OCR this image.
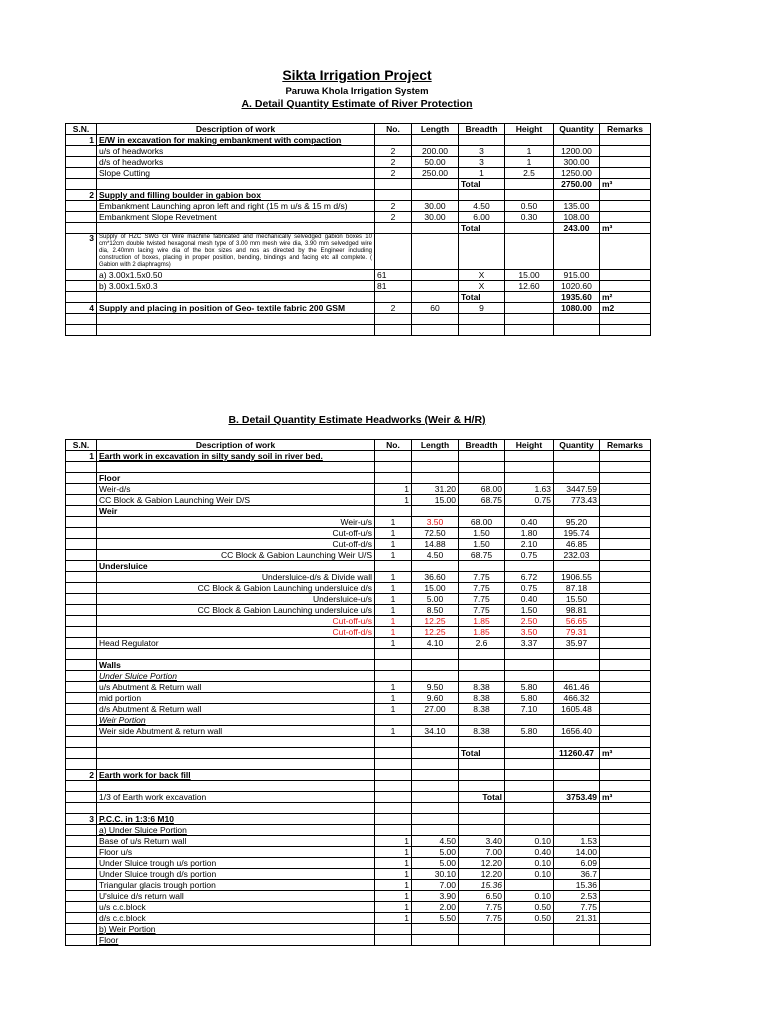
Sikta Irrigation Project
Paruwa Khola Irrigation System
A. Detail Quantity Estimate of River Protection
S.N.	Description of work	No.	Length	Breadth	Height	Quantity	Remarks
1	E/W in excavation for making embankment with compaction						
	u/s of headworks	2	200.00	3	1	1200.00	
	d/s of headworks	2	50.00	3	1	300.00	
	Slope Cutting	2	250.00	1	2.5	1250.00	
				Total		2750.00	m³
2	Supply and filling boulder in gabion box						
	Embankment Launching apron left and right (15 m u/s & 15 m d/s)	2	30.00	4.50	0.50	135.00	
	Embankment Slope Revetment	2	30.00	6.00	0.30	108.00	
				Total		243.00	m³
3	Supply of HZC SWG GI Wire machine fabricated and mechanically selvedged gabion boxes 10 cm*12cm double twisted hexagonal mesh type of 3.00 mm mesh wire dia, 3.90 mm selvedged wire dia, 2.40mm lacing wire dia of the box sizes and nos as directed by the Engineer including construction of boxes, placing in proper position, bending, bindings and facing etc all complete. ( Gabion with 2 diaphragms)						
	a) 3.00x1.5x0.50	61		X	15.00	915.00	
	b) 3.00x1.5x0.3	81		X	12.60	1020.60	
				Total		1935.60	m²
4	Supply and placing in position of Geo- textile fabric 200 GSM	2	60	9		1080.00	m2

B. Detail Quantity Estimate Headworks (Weir & H/R)
S.N.	Description of work	No.	Length	Breadth	Height	Quantity	Remarks
1	Earth work in excavation in silty sandy soil in river bed.						

	Floor						
	Weir-d/s	1	31.20	68.00	1.63	3447.59	
	CC Block & Gabion Launching Weir D/S	1	15.00	68.75	0.75	773.43	
	Weir						
	Weir-u/s	1	3.50	68.00	0.40	95.20	
	Cut-off-u/s	1	72.50	1.50	1.80	195.74	
	Cut-off-d/s	1	14.88	1.50	2.10	46.85	
	CC Block & Gabion Launching Weir U/S	1	4.50	68.75	0.75	232.03	
	Undersluice						
	Undersluice-d/s & Divide wall	1	36.60	7.75	6.72	1906.55	
	CC Block & Gabion Launching undersluice d/s	1	15.00	7.75	0.75	87.18	
	Undersluice-u/s	1	5.00	7.75	0.40	15.50	
	CC Block & Gabion Launching undersluice u/s	1	8.50	7.75	1.50	98.81	
	Cut-off-u/s	1	12.25	1.85	2.50	56.65	
	Cut-off-d/s	1	12.25	1.85	3.50	79.31	
	Head Regulator	1	4.10	2.6	3.37	35.97	

	Walls						
	Under Sluice Portion						
	u/s Abutment & Return wall	1	9.50	8.38	5.80	461.46	
	mid portion	1	9.60	8.38	5.80	466.32	
	d/s Abutment & Return wall	1	27.00	8.38	7.10	1605.48	
	Weir Portion						
	Weir side Abutment & return wall	1	34.10	8.38	5.80	1656.40	

				Total		11260.47	m³

2	Earth work for back fill						

	1/3 of Earth work excavation			Total		3753.49	m³

3	P.C.C. in 1:3:6 M10						
	a) Under Sluice Portion						
	Base of u/s Return wall	1	4.50	3.40	0.10	1.53	
	Floor u/s	1	5.00	7.00	0.40	14.00	
	Under Sluice trough u/s portion	1	5.00	12.20	0.10	6.09	
	Under Sluice trough d/s portion	1	30.10	12.20	0.10	36.7	
	Triangular glacis trough portion	1	7.00	15.36		15.36	
	U'sluice d/s return wall	1	3.90	6.50	0.10	2.53	
	u/s c.c.block	1	2.00	7.75	0.50	7.75	
	d/s c.c.block	1	5.50	7.75	0.50	21.31	
	b) Weir Portion						
	Floor						
